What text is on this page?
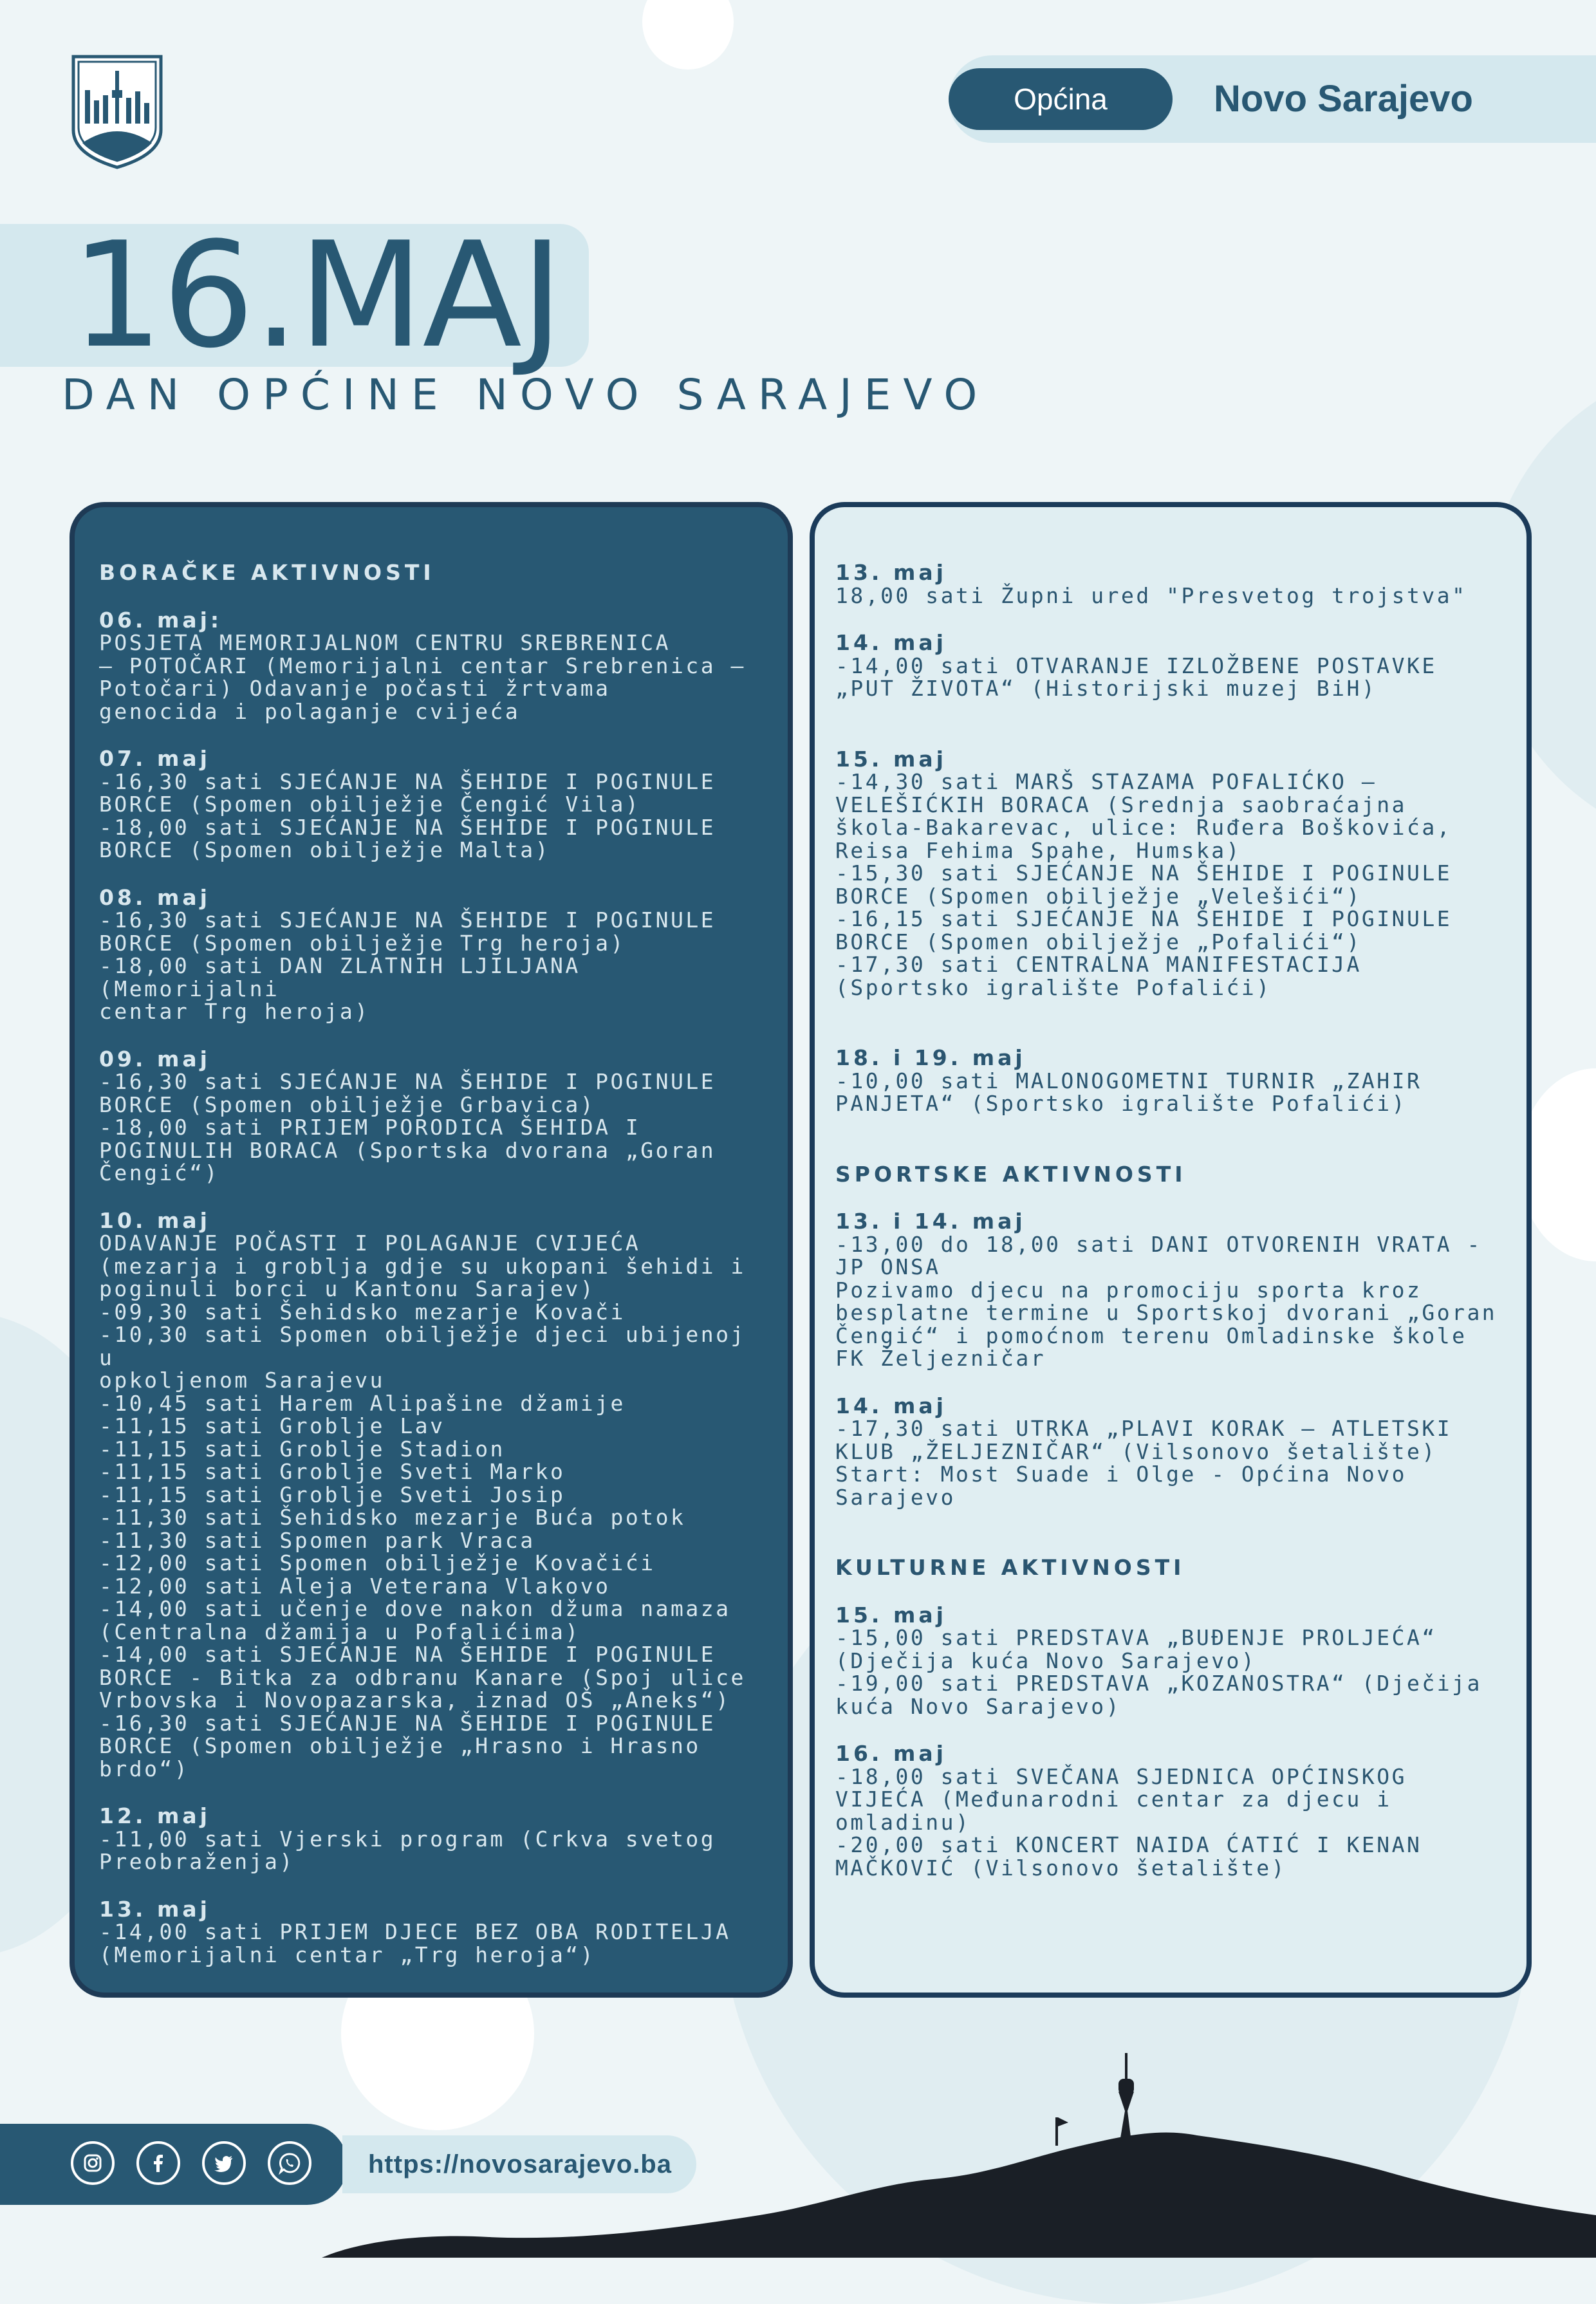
Općina	Novo Sarajevo
16.MAJ
DAN OPĆINE NOVO SARAJEVO

BORAČKE AKTIVNOSTI

06. maj:

POSJETA MEMORIJALNOM CENTRU SREBRENICA

– POTOČARI (Memorijalni centar Srebrenica –

Potočari) Odavanje počasti žrtvama

genocida i polaganje cvijeća

07. maj

-16,30 sati SJEĆANJE NA ŠEHIDE I POGINULE

BORCE (Spomen obilježje Čengić Vila)

-18,00 sati SJEĆANJE NA ŠEHIDE I POGINULE

BORCE (Spomen obilježje Malta)

08. maj

-16,30 sati SJEĆANJE NA ŠEHIDE I POGINULE

BORCE (Spomen obilježje Trg heroja)

-18,00 sati DAN ZLATNIH LJILJANA (Memorijalni

centar Trg heroja)

09. maj

-16,30 sati SJEĆANJE NA ŠEHIDE I POGINULE

BORCE (Spomen obilježje Grbavica)

-18,00 sati PRIJEM PORODICA ŠEHIDA I

POGINULIH BORACA (Sportska dvorana „Goran

Čengić“)

10. maj

ODAVANJE POČASTI I POLAGANJE CVIJEĆA

(mezarja i groblja gdje su ukopani šehidi i

poginuli borci u Kantonu Sarajev)

-09,30 sati Šehidsko mezarje Kovači

-10,30 sati Spomen obilježje djeci ubijenoj u

opkoljenom Sarajevu

-10,45 sati Harem Alipašine džamije

-11,15 sati Groblje Lav

-11,15 sati Groblje Stadion

-11,15 sati Groblje Sveti Marko

-11,15 sati Groblje Sveti Josip

-11,30 sati Šehidsko mezarje Buća potok

-11,30 sati Spomen park Vraca

-12,00 sati Spomen obilježje Kovačići

-12,00 sati Aleja Veterana Vlakovo

-14,00 sati učenje dove nakon džuma namaza

(Centralna džamija u Pofalićima)

-14,00 sati SJEĆANJE NA ŠEHIDE I POGINULE

BORCE - Bitka za odbranu Kanare (Spoj ulice

Vrbovska i Novopazarska, iznad OŠ „Aneks“)

-16,30 sati SJEĆANJE NA ŠEHIDE I POGINULE

BORCE (Spomen obilježje „Hrasno i Hrasno

brdo“)

12. maj

-11,00 sati Vjerski program (Crkva svetog

Preobraženja)

13. maj

-14,00 sati PRIJEM DJECE BEZ OBA RODITELJA

(Memorijalni centar „Trg heroja“)

13. maj

18,00 sati Župni ured "Presvetog trojstva"

14. maj

-14,00 sati OTVARANJE IZLOŽBENE POSTAVKE

„PUT ŽIVOTA“ (Historijski muzej BiH)

15. maj

-14,30 sati MARŠ STAZAMA POFALIĆKO –

VELEŠIĆKIH BORACA (Srednja saobraćajna

škola-Bakarevac, ulice: Ruđera Boškovića,

Reisa Fehima Spahe, Humska)

-15,30 sati SJEĆANJE NA ŠEHIDE I POGINULE

BORCE (Spomen obilježje „Velešići“)

-16,15 sati SJEĆANJE NA ŠEHIDE I POGINULE

BORCE (Spomen obilježje „Pofalići“)

-17,30 sati CENTRALNA MANIFESTACIJA

(Sportsko igralište Pofalići)

18. i 19. maj

-10,00 sati MALONOGOMETNI TURNIR „ZAHIR

PANJETA“ (Sportsko igralište Pofalići)

SPORTSKE AKTIVNOSTI

13. i 14. maj

-13,00 do 18,00 sati DANI OTVORENIH VRATA -

JP ONSA

Pozivamo djecu na promociju sporta kroz

besplatne termine u Sportskoj dvorani „Goran

Čengić“ i pomoćnom terenu Omladinske škole

FK Željezničar

14. maj

-17,30 sati UTRKA „PLAVI KORAK – ATLETSKI

KLUB „ŽELJEZNIČAR“ (Vilsonovo šetalište)

Start: Most Suade i Olge - Općina Novo

Sarajevo

KULTURNE AKTIVNOSTI

15. maj

-15,00 sati PREDSTAVA „BUĐENJE PROLJEĆA“

(Dječija kuća Novo Sarajevo)

-19,00 sati PREDSTAVA „KOZANOSTRA“ (Dječija

kuća Novo Sarajevo)

16. maj

-18,00 sati SVEČANA SJEDNICA OPĆINSKOG

VIJEĆA (Međunarodni centar za djecu i

omladinu)

-20,00 sati KONCERT NAIDA ĆATIĆ I KENAN

MAČKOVIĆ (Vilsonovo šetalište)

https://novosarajevo.ba
